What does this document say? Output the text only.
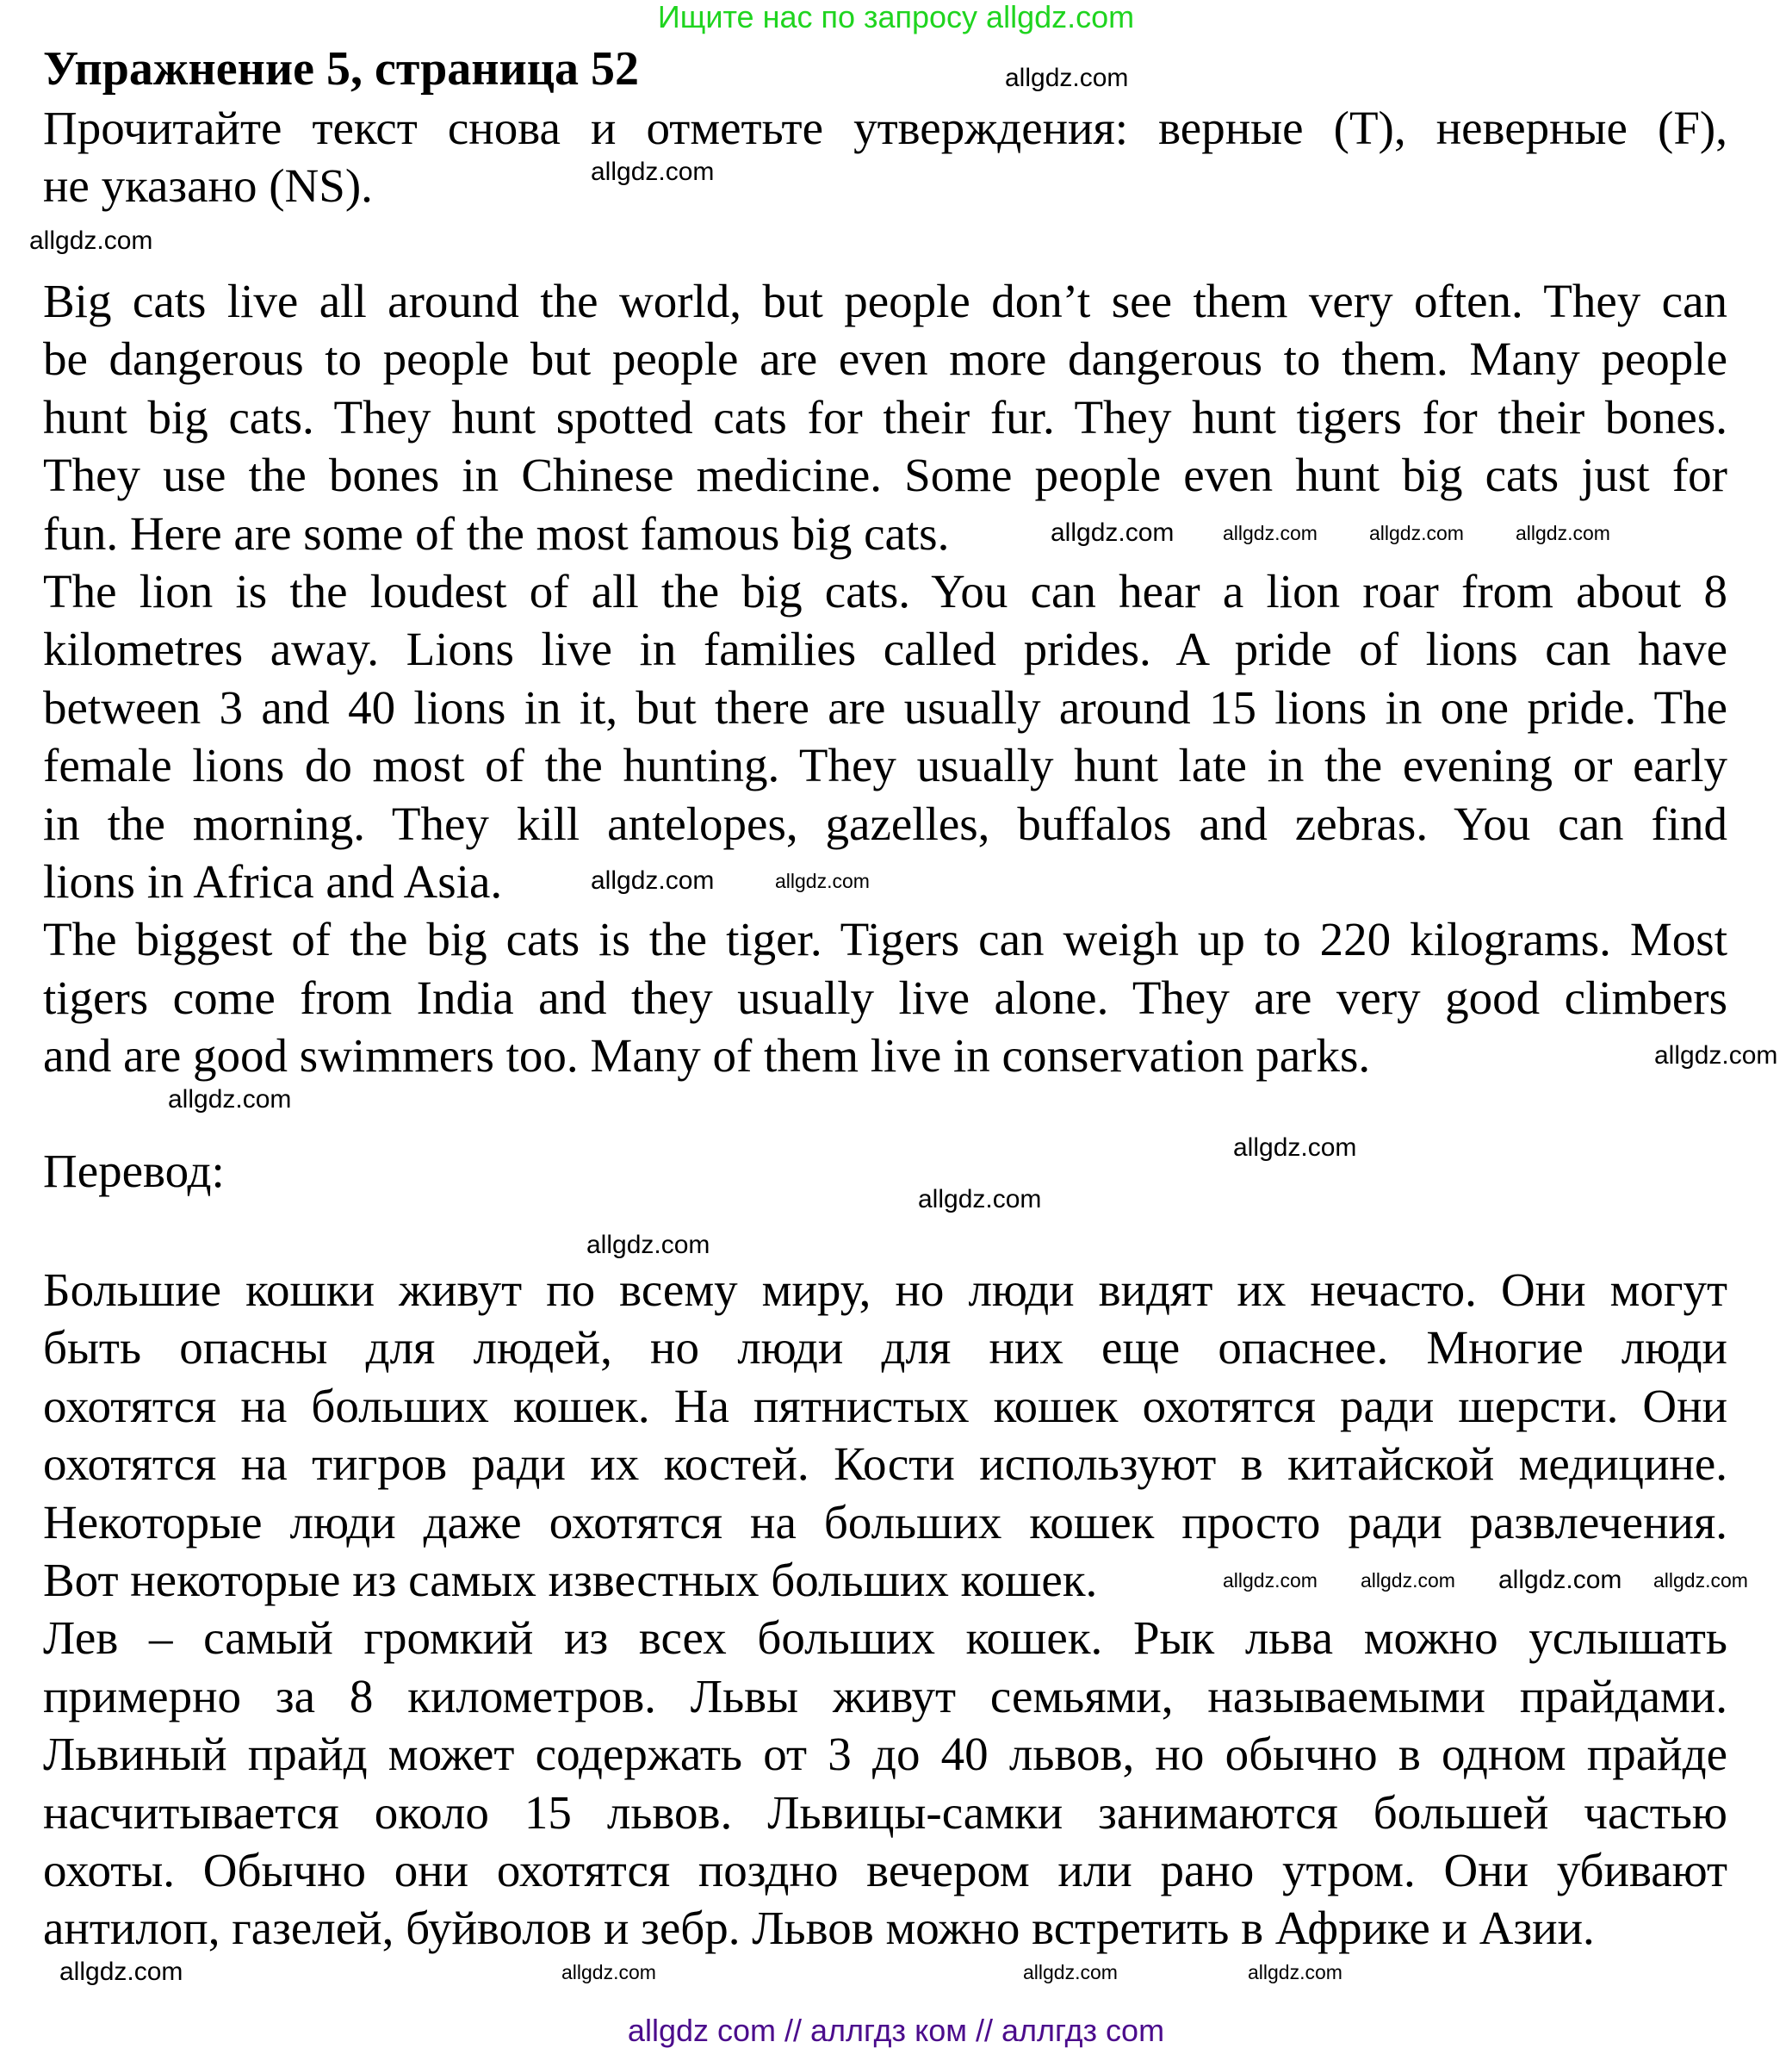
Ищите нас по запросу allgdz.com
Упражнение 5, страница 52
Прочитайте текст снова и отметьте утверждения: верные (T), неверные (F),
не указано (NS).
Big cats live all around the world, but people don’t see them very often. They can
be dangerous to people but people are even more dangerous to them. Many people
hunt big cats. They hunt spotted cats for their fur. They hunt tigers for their bones.
They use the bones in Chinese medicine. Some people even hunt big cats just for
fun. Here are some of the most famous big cats.
The lion is the loudest of all the big cats. You can hear a lion roar from about 8
kilometres away. Lions live in families called prides. A pride of lions can have
between 3 and 40 lions in it, but there are usually around 15 lions in one pride. The
female lions do most of the hunting. They usually hunt late in the evening or early
in the morning. They kill antelopes, gazelles, buffalos and zebras. You can find
lions in Africa and Asia.
The biggest of the big cats is the tiger. Tigers can weigh up to 220 kilograms. Most
tigers come from India and they usually live alone. They are very good climbers
and are good swimmers too. Many of them live in conservation parks.
Перевод:
Большие кошки живут по всему миру, но люди видят их нечасто. Они могут
быть опасны для людей, но люди для них еще опаснее. Многие люди
охотятся на больших кошек. На пятнистых кошек охотятся ради шерсти. Они
охотятся на тигров ради их костей. Кости используют в китайской медицине.
Некоторые люди даже охотятся на больших кошек просто ради развлечения.
Вот некоторые из самых известных больших кошек.
Лев – самый громкий из всех больших кошек. Рык льва можно услышать
примерно за 8 километров. Львы живут семьями, называемыми прайдами.
Львиный прайд может содержать от 3 до 40 львов, но обычно в одном прайде
насчитывается около 15 львов. Львицы-самки занимаются большей частью
охоты. Обычно они охотятся поздно вечером или рано утром. Они убивают
антилоп, газелей, буйволов и зебр. Львов можно встретить в Африке и Азии.
allgdz.com
allgdz.com
allgdz.com
allgdz.com allgdz.com	allgdz.com	allgdz.com
allgdz.com	allgdz.com
allgdz.com
allgdz.com
allgdz.com
allgdz.com
allgdz.com
allgdz.com allgdz.com allgdz.com allgdz.com
allgdz.com	allgdz.com	allgdz.com	allgdz.com
allgdz com // аллгдз ком // аллгдз com
